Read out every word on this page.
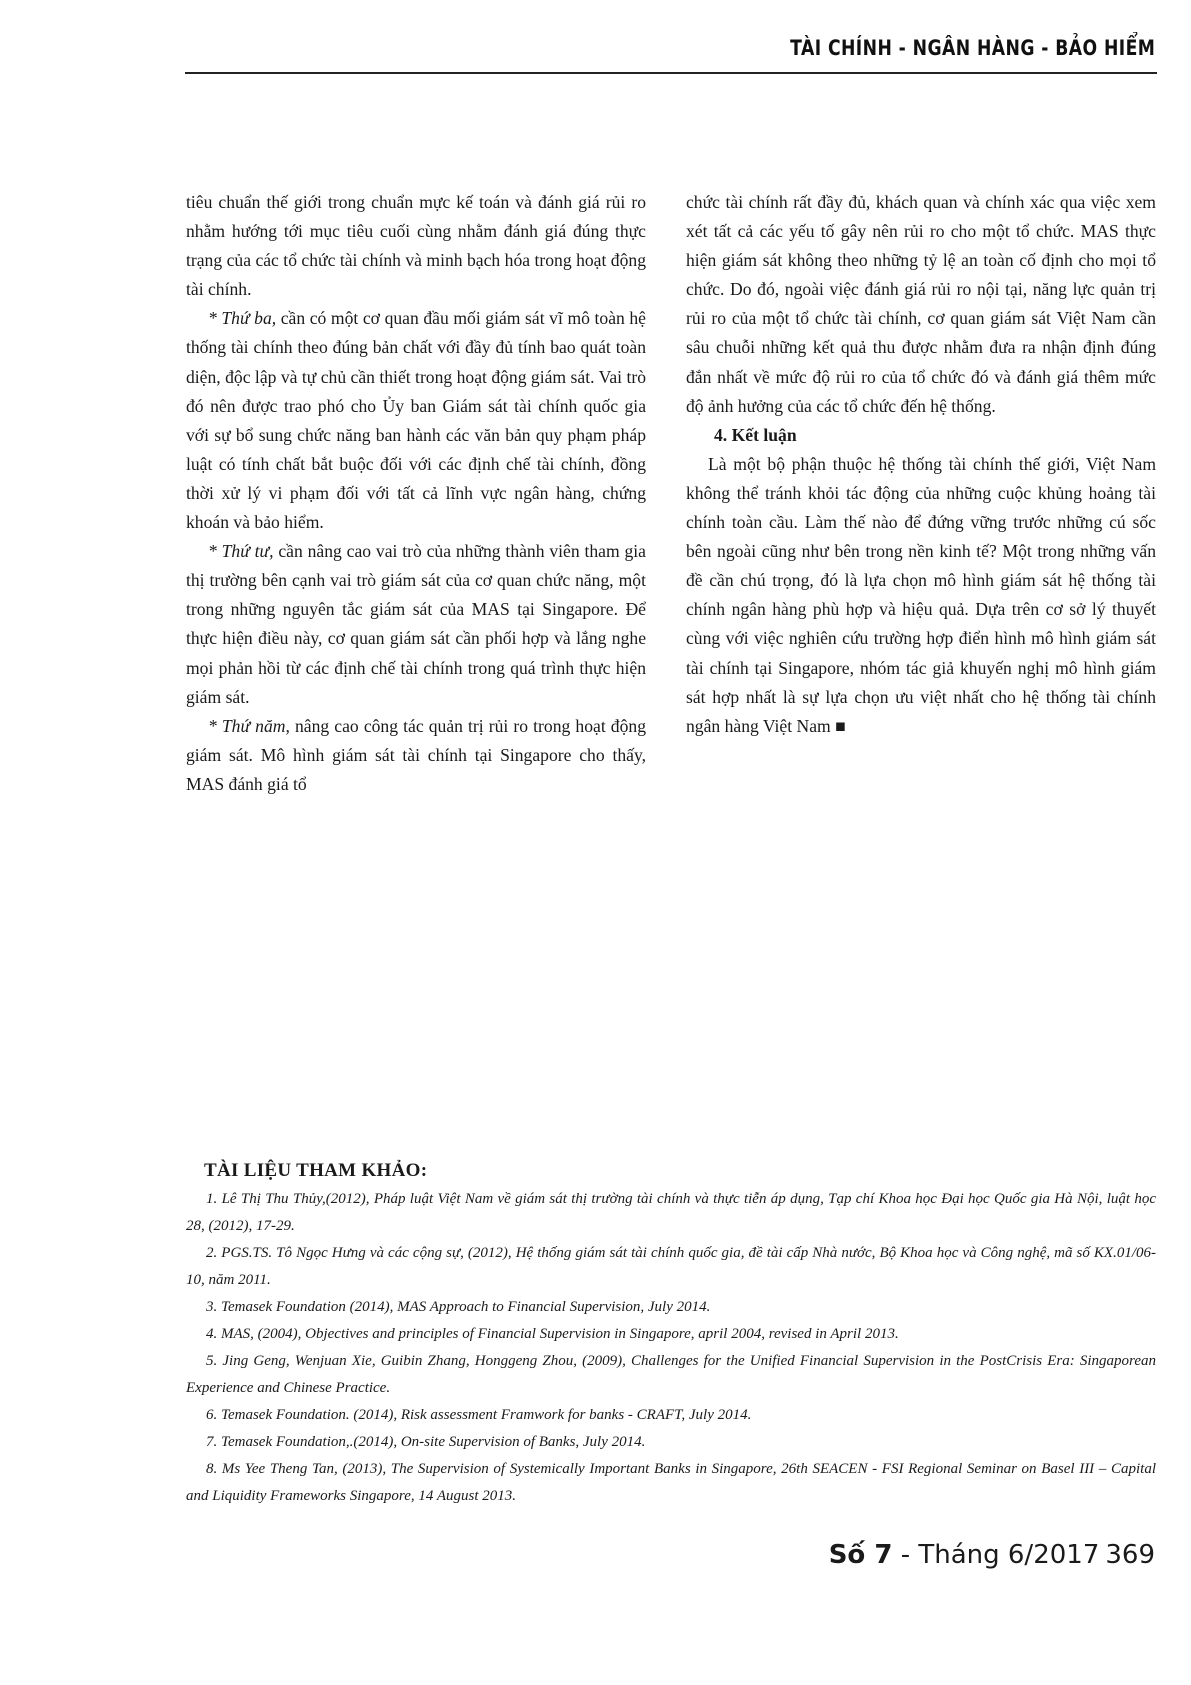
TÀI CHÍNH - NGÂN HÀNG - BẢO HIỂM

tiêu chuẩn thế giới trong chuẩn mực kế toán và đánh giá rủi ro nhằm hướng tới mục tiêu cuối cùng nhằm đánh giá đúng thực trạng của các tổ chức tài chính và minh bạch hóa trong hoạt động tài chính.

* Thứ ba, cần có một cơ quan đầu mối giám sát vĩ mô toàn hệ thống tài chính theo đúng bản chất với đầy đủ tính bao quát toàn diện, độc lập và tự chủ cần thiết trong hoạt động giám sát. Vai trò đó nên được trao phó cho Ủy ban Giám sát tài chính quốc gia với sự bổ sung chức năng ban hành các văn bản quy phạm pháp luật có tính chất bắt buộc đối với các định chế tài chính, đồng thời xử lý vi phạm đối với tất cả lĩnh vực ngân hàng, chứng khoán và bảo hiểm.

* Thứ tư, cần nâng cao vai trò của những thành viên tham gia thị trường bên cạnh vai trò giám sát của cơ quan chức năng, một trong những nguyên tắc giám sát của MAS tại Singapore. Để thực hiện điều này, cơ quan giám sát cần phối hợp và lắng nghe mọi phản hồi từ các định chế tài chính trong quá trình thực hiện giám sát.

* Thứ năm, nâng cao công tác quản trị rủi ro trong hoạt động giám sát. Mô hình giám sát tài chính tại Singapore cho thấy, MAS đánh giá tổ

chức tài chính rất đầy đủ, khách quan và chính xác qua việc xem xét tất cả các yếu tố gây nên rủi ro cho một tổ chức. MAS thực hiện giám sát không theo những tỷ lệ an toàn cố định cho mọi tổ chức. Do đó, ngoài việc đánh giá rủi ro nội tại, năng lực quản trị rủi ro của một tổ chức tài chính, cơ quan giám sát Việt Nam cần sâu chuỗi những kết quả thu được nhằm đưa ra nhận định đúng đắn nhất về mức độ rủi ro của tổ chức đó và đánh giá thêm mức độ ảnh hưởng của các tổ chức đến hệ thống.

4. Kết luận

Là một bộ phận thuộc hệ thống tài chính thế giới, Việt Nam không thể tránh khỏi tác động của những cuộc khủng hoảng tài chính toàn cầu. Làm thế nào để đứng vững trước những cú sốc bên ngoài cũng như bên trong nền kinh tế? Một trong những vấn đề cần chú trọng, đó là lựa chọn mô hình giám sát hệ thống tài chính ngân hàng phù hợp và hiệu quả. Dựa trên cơ sở lý thuyết cùng với việc nghiên cứu trường hợp điển hình mô hình giám sát tài chính tại Singapore, nhóm tác giả khuyến nghị mô hình giám sát hợp nhất là sự lựa chọn ưu việt nhất cho hệ thống tài chính ngân hàng Việt Nam ■

TÀI LIỆU THAM KHẢO:

1. Lê Thị Thu Thủy,(2012), Pháp luật Việt Nam về giám sát thị trường tài chính và thực tiễn áp dụng, Tạp chí Khoa học Đại học Quốc gia Hà Nội, luật học 28, (2012), 17-29.

2. PGS.TS. Tô Ngọc Hưng và các cộng sự, (2012), Hệ thống giám sát tài chính quốc gia, đề tài cấp Nhà nước, Bộ Khoa học và Công nghệ, mã số KX.01/06-10, năm 2011.

3. Temasek Foundation (2014), MAS Approach to Financial Supervision, July 2014.

4. MAS, (2004), Objectives and principles of Financial Supervision in Singapore, april 2004, revised in April 2013.

5. Jing Geng, Wenjuan Xie, Guibin Zhang, Honggeng Zhou, (2009), Challenges for the Unified Financial Supervision in the PostCrisis Era: Singaporean Experience and Chinese Practice.

6. Temasek Foundation. (2014), Risk assessment Framwork for banks - CRAFT, July 2014.

7. Temasek Foundation,.(2014), On-site Supervision of Banks, July 2014.

8. Ms Yee Theng Tan, (2013), The Supervision of Systemically Important Banks in Singapore, 26th SEACEN - FSI Regional Seminar on Basel III – Capital and Liquidity Frameworks Singapore, 14 August 2013.

Số 7 - Tháng 6/2017 369
